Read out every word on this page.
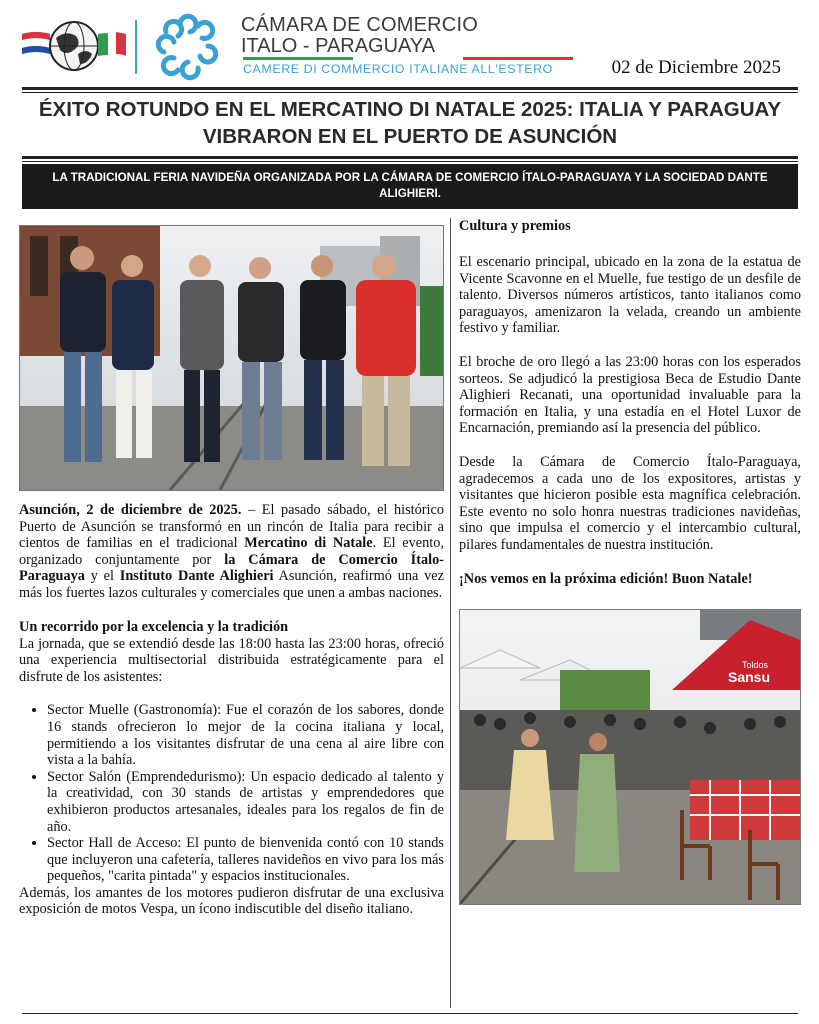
CÁMARA DE COMERCIO
ITALO - PARAGUAYA
CAMERE DI COMMERCIO ITALIANE ALL'ESTERO	02 de Diciembre 2025
ÉXITO ROTUNDO EN EL MERCATINO DI NATALE 2025: ITALIA Y PARAGUAY VIBRARON EN EL PUERTO DE ASUNCIÓN
LA TRADICIONAL FERIA NAVIDEÑA ORGANIZADA POR LA CÁMARA DE COMERCIO ÍTALO-PARAGUAYA Y LA SOCIEDAD DANTE ALIGHIERI.

Asunción, 2 de diciembre de 2025. – El pasado sábado, el histórico Puerto de Asunción se transformó en un rincón de Italia para recibir a cientos de familias en el tradicional Mercatino di Natale. El evento, organizado conjuntamente por la Cámara de Comercio Ítalo-Paraguaya y el Instituto Dante Alighieri Asunción, reafirmó una vez más los fuertes lazos culturales y comerciales que unen a ambas naciones.

Un recorrido por la excelencia y la tradición

La jornada, que se extendió desde las 18:00 hasta las 23:00 horas, ofreció una experiencia multisectorial distribuida estratégicamente para el disfrute de los asistentes:

• Sector Muelle (Gastronomía): Fue el corazón de los sabores, donde 16 stands ofrecieron lo mejor de la cocina italiana y local, permitiendo a los visitantes disfrutar de una cena al aire libre con vista a la bahía.
• Sector Salón (Emprendedurismo): Un espacio dedicado al talento y la creatividad, con 30 stands de artistas y emprendedores que exhibieron productos artesanales, ideales para los regalos de fin de año.
• Sector Hall de Acceso: El punto de bienvenida contó con 10 stands que incluyeron una cafetería, talleres navideños en vivo para los más pequeños, "carita pintada" y espacios institucionales.

Además, los amantes de los motores pudieron disfrutar de una exclusiva exposición de motos Vespa, un ícono indiscutible del diseño italiano.

Cultura y premios

El escenario principal, ubicado en la zona de la estatua de Vicente Scavonne en el Muelle, fue testigo de un desfile de talento. Diversos números artísticos, tanto italianos como paraguayos, amenizaron la velada, creando un ambiente festivo y familiar.

El broche de oro llegó a las 23:00 horas con los esperados sorteos. Se adjudicó la prestigiosa Beca de Estudio Dante Alighieri Recanati, una oportunidad invaluable para la formación en Italia, y una estadía en el Hotel Luxor de Encarnación, premiando así la presencia del público.

Desde la Cámara de Comercio Ítalo-Paraguaya, agradecemos a cada uno de los expositores, artistas y visitantes que hicieron posible esta magnífica celebración. Este evento no solo honra nuestras tradiciones navideñas, sino que impulsa el comercio y el intercambio cultural, pilares fundamentales de nuestra institución.

¡Nos vemos en la próxima edición! Buon Natale!

Toldos
Sansu
